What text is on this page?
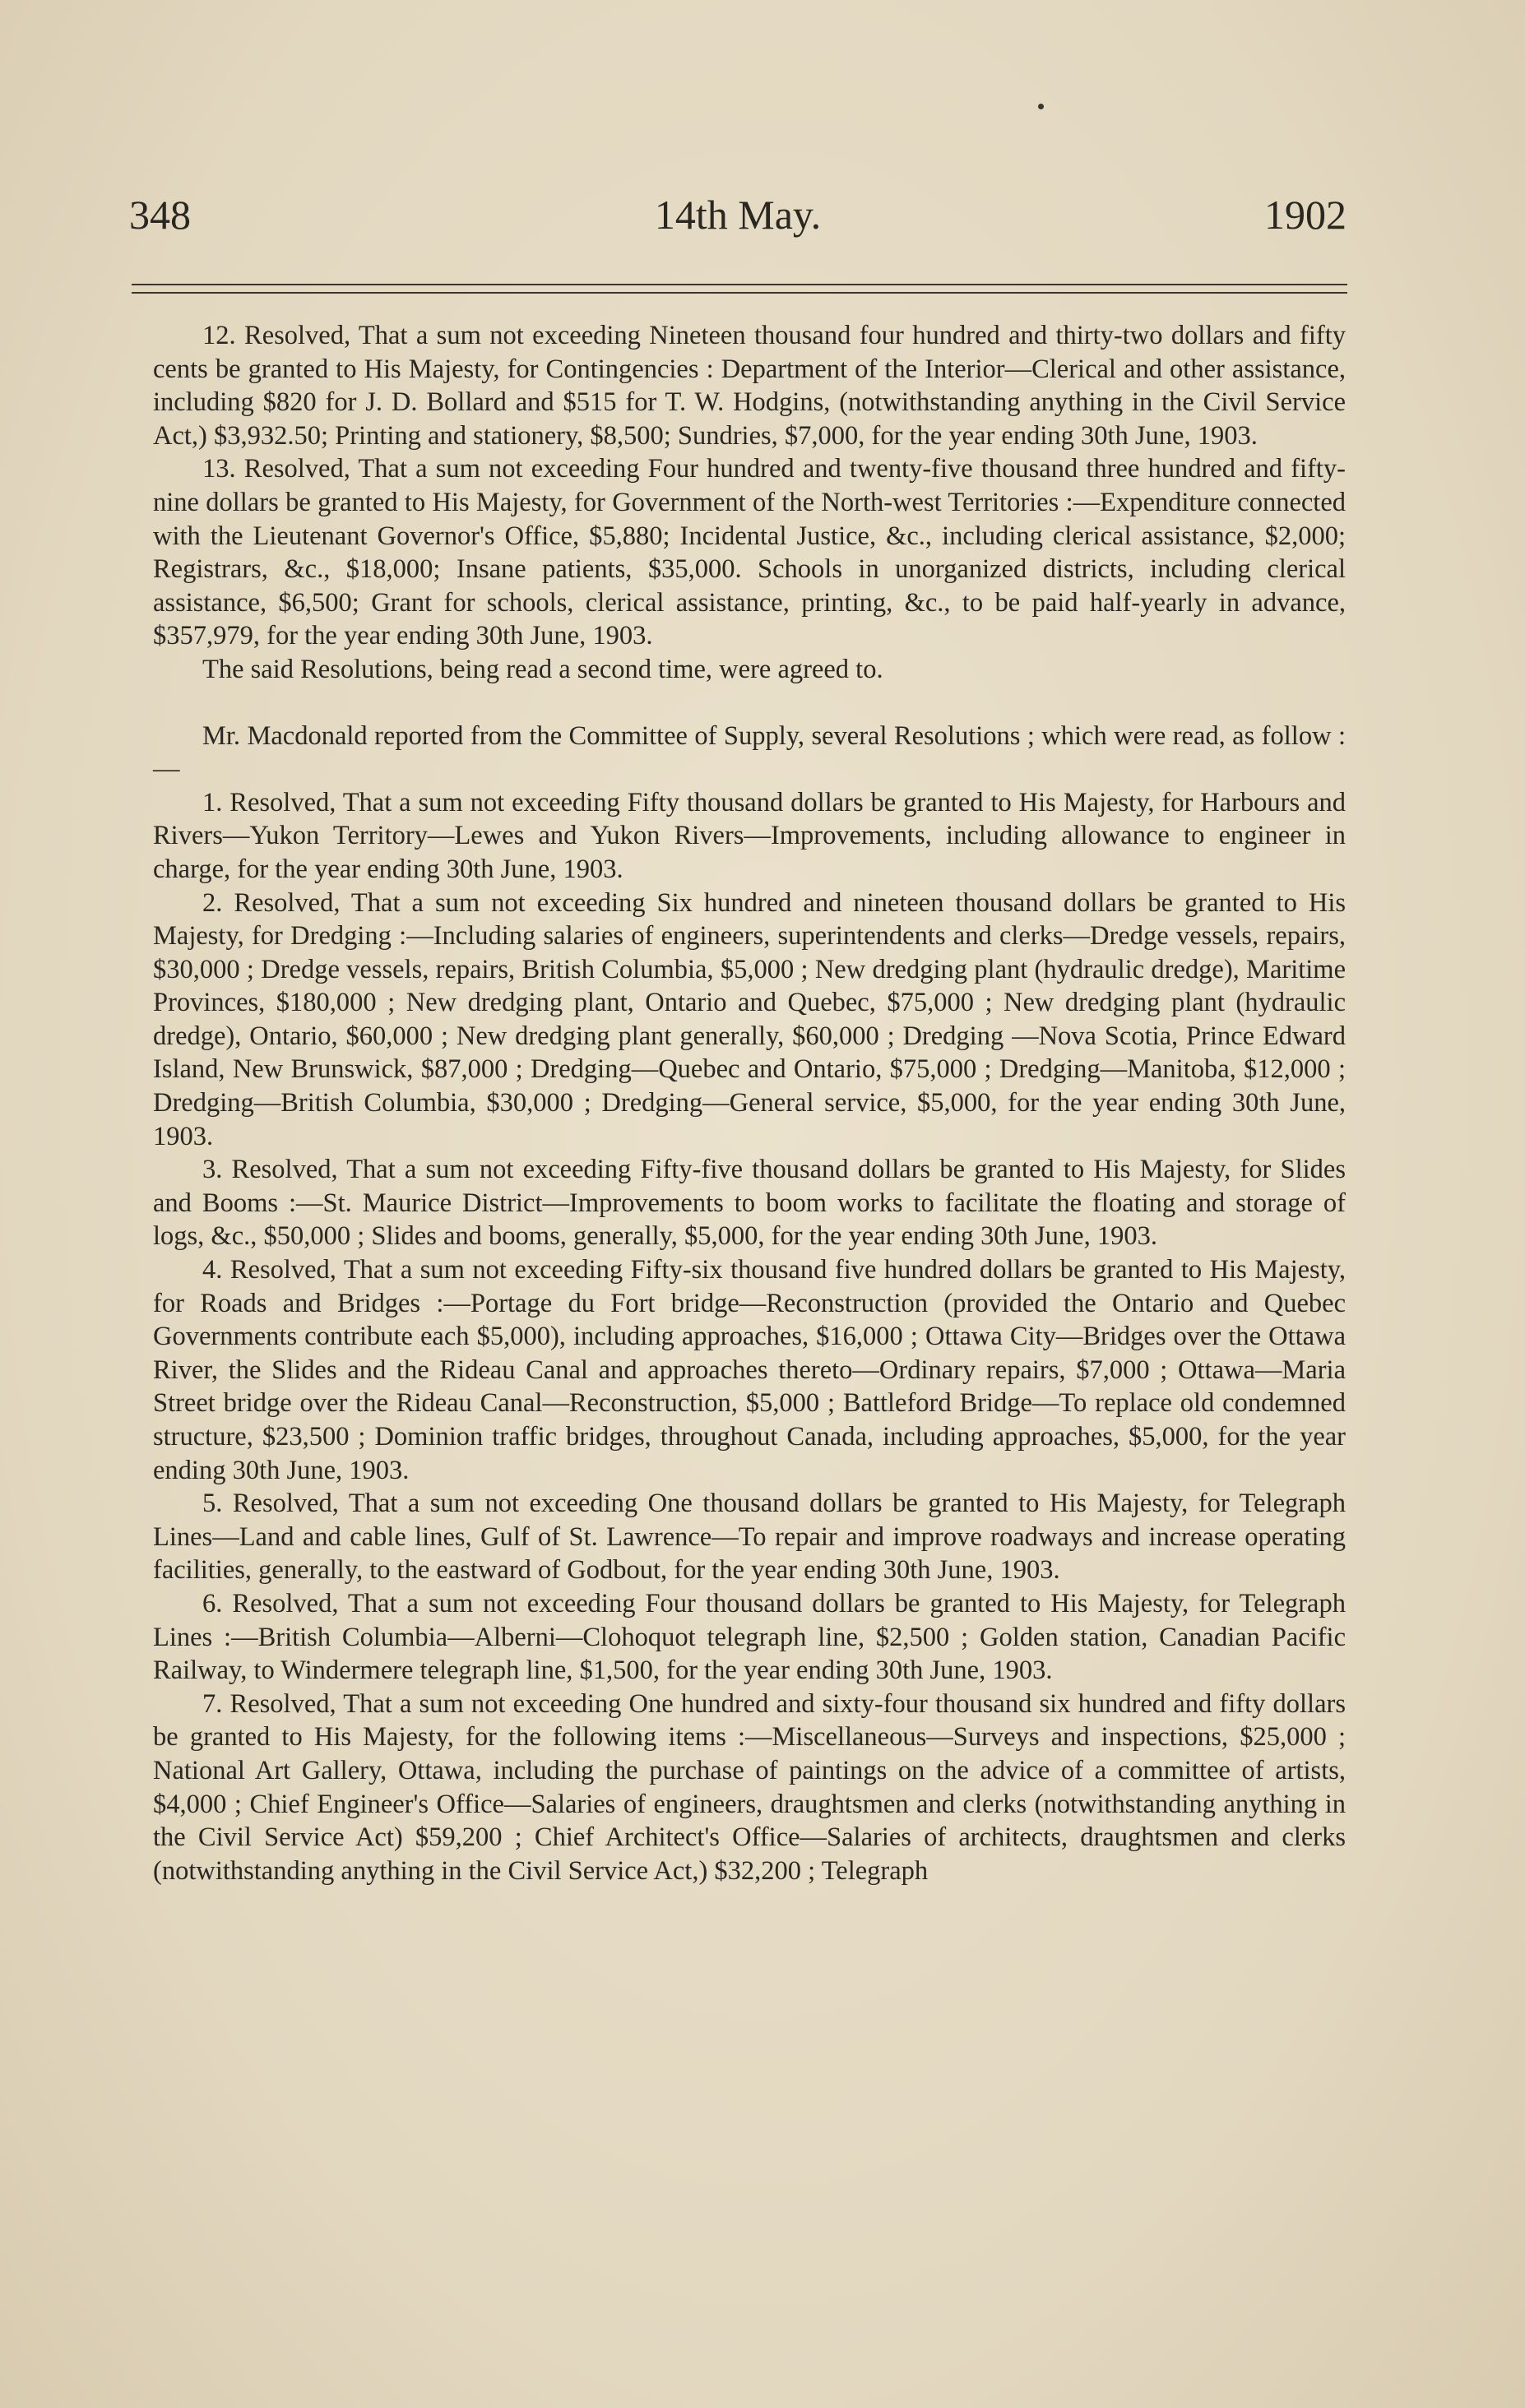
348	14th May.	1902

12. Resolved, That a sum not exceeding Nineteen thousand four hundred and thirty-two dollars and fifty cents be granted to His Majesty, for Contingencies : Department of the Interior—Clerical and other assistance, including $820 for J. D. Bollard and $515 for T. W. Hodgins, (notwithstanding anything in the Civil Service Act,) $3,932.50; Printing and stationery, $8,500; Sundries, $7,000, for the year ending 30th June, 1903.

13. Resolved, That a sum not exceeding Four hundred and twenty-five thousand three hundred and fifty-nine dollars be granted to His Majesty, for Government of the North-west Territories :—Expenditure connected with the Lieutenant Governor's Office, $5,880; Incidental Justice, &c., including clerical assistance, $2,000; Registrars, &c., $18,000; Insane patients, $35,000. Schools in unorganized districts, including clerical assistance, $6,500; Grant for schools, clerical assistance, printing, &c., to be paid half-yearly in advance, $357,979, for the year ending 30th June, 1903.

The said Resolutions, being read a second time, were agreed to.

Mr. Macdonald reported from the Committee of Supply, several Resolutions ; which were read, as follow :—

1. Resolved, That a sum not exceeding Fifty thousand dollars be granted to His Majesty, for Harbours and Rivers—Yukon Territory—Lewes and Yukon Rivers—Improvements, including allowance to engineer in charge, for the year ending 30th June, 1903.

2. Resolved, That a sum not exceeding Six hundred and nineteen thousand dollars be granted to His Majesty, for Dredging :—Including salaries of engineers, superintendents and clerks—Dredge vessels, repairs, $30,000 ; Dredge vessels, repairs, British Columbia, $5,000 ; New dredging plant (hydraulic dredge), Maritime Provinces, $180,000 ; New dredging plant, Ontario and Quebec, $75,000 ; New dredging plant (hydraulic dredge), Ontario, $60,000 ; New dredging plant generally, $60,000 ; Dredging —Nova Scotia, Prince Edward Island, New Brunswick, $87,000 ; Dredging—Quebec and Ontario, $75,000 ; Dredging—Manitoba, $12,000 ; Dredging—British Columbia, $30,000 ; Dredging—General service, $5,000, for the year ending 30th June, 1903.

3. Resolved, That a sum not exceeding Fifty-five thousand dollars be granted to His Majesty, for Slides and Booms :—St. Maurice District—Improvements to boom works to facilitate the floating and storage of logs, &c., $50,000 ; Slides and booms, generally, $5,000, for the year ending 30th June, 1903.

4. Resolved, That a sum not exceeding Fifty-six thousand five hundred dollars be granted to His Majesty, for Roads and Bridges :—Portage du Fort bridge—Reconstruction (provided the Ontario and Quebec Governments contribute each $5,000), including approaches, $16,000 ; Ottawa City—Bridges over the Ottawa River, the Slides and the Rideau Canal and approaches thereto—Ordinary repairs, $7,000 ; Ottawa—Maria Street bridge over the Rideau Canal—Reconstruction, $5,000 ; Battleford Bridge—To replace old condemned structure, $23,500 ; Dominion traffic bridges, throughout Canada, including approaches, $5,000, for the year ending 30th June, 1903.

5. Resolved, That a sum not exceeding One thousand dollars be granted to His Majesty, for Telegraph Lines—Land and cable lines, Gulf of St. Lawrence—To repair and improve roadways and increase operating facilities, generally, to the eastward of Godbout, for the year ending 30th June, 1903.

6. Resolved, That a sum not exceeding Four thousand dollars be granted to His Majesty, for Telegraph Lines :—British Columbia—Alberni—Clohoquot telegraph line, $2,500 ; Golden station, Canadian Pacific Railway, to Windermere telegraph line, $1,500, for the year ending 30th June, 1903.

7. Resolved, That a sum not exceeding One hundred and sixty-four thousand six hundred and fifty dollars be granted to His Majesty, for the following items :—Miscellaneous—Surveys and inspections, $25,000 ; National Art Gallery, Ottawa, including the purchase of paintings on the advice of a committee of artists, $4,000 ; Chief Engineer's Office—Salaries of engineers, draughtsmen and clerks (notwithstanding anything in the Civil Service Act) $59,200 ; Chief Architect's Office—Salaries of architects, draughtsmen and clerks (notwithstanding anything in the Civil Service Act,) $32,200 ; Telegraph
